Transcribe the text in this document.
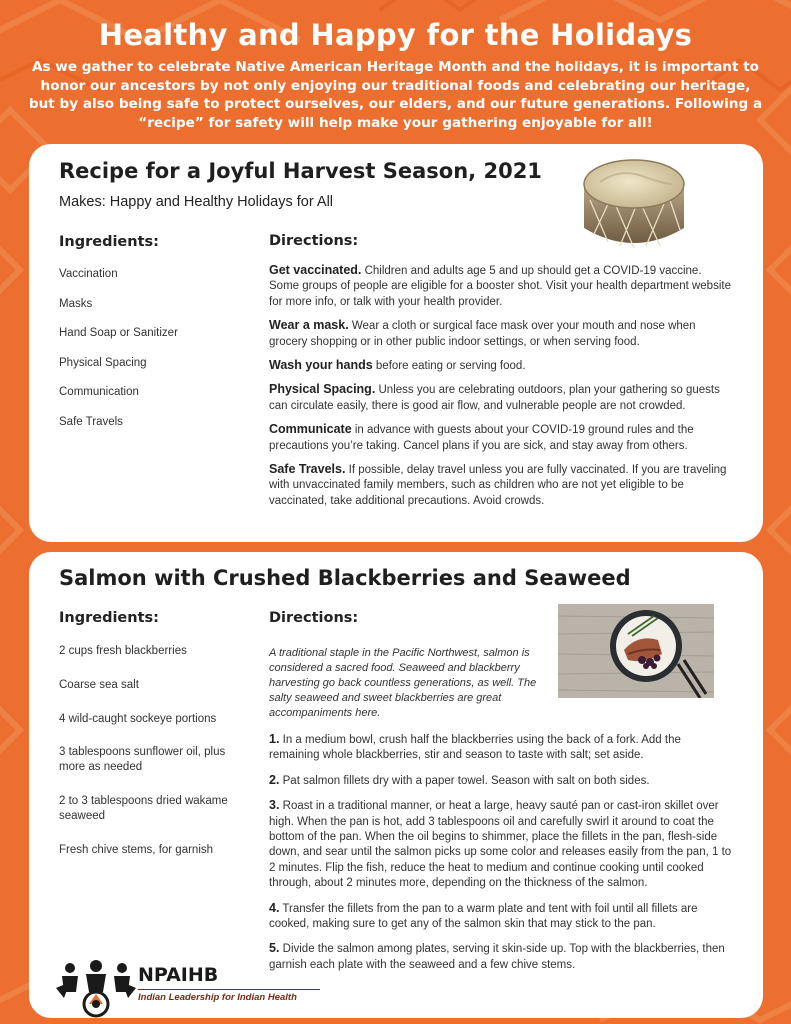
Healthy and Happy for the Holidays

As we gather to celebrate Native American Heritage Month and the holidays, it is important to honor our ancestors by not only enjoying our traditional foods and celebrating our heritage, but by also being safe to protect ourselves, our elders, and our future generations. Following a “recipe” for safety will help make your gathering enjoyable for all!

Recipe for a Joyful Harvest Season, 2021
Makes: Happy and Healthy Holidays for All
Ingredients:	Directions:
Vaccination
Masks
Hand Soap or Sanitizer
Physical Spacing
Communication
Safe Travels

Get vaccinated. Children and adults age 5 and up should get a COVID-19 vaccine. Some groups of people are eligible for a booster shot. Visit your health department website for more info, or talk with your health provider.

Wear a mask. Wear a cloth or surgical face mask over your mouth and nose when grocery shopping or in other public indoor settings, or when serving food.

Wash your hands before eating or serving food.

Physical Spacing. Unless you are celebrating outdoors, plan your gathering so guests can circulate easily, there is good air flow, and vulnerable people are not crowded.

Communicate in advance with guests about your COVID-19 ground rules and the precautions you’re taking. Cancel plans if you are sick, and stay away from others.

Safe Travels. If possible, delay travel unless you are fully vaccinated. If you are traveling with unvaccinated family members, such as children who are not yet eligible to be vaccinated, take additional precautions. Avoid crowds.

Salmon with Crushed Blackberries and Seaweed
Ingredients:	Directions:
2 cups fresh blackberries
Coarse sea salt
4 wild-caught sockeye portions
3 tablespoons sunflower oil, plus more as needed
2 to 3 tablespoons dried wakame seaweed
Fresh chive stems, for garnish

A traditional staple in the Pacific Northwest, salmon is considered a sacred food. Seaweed and blackberry harvesting go back countless generations, as well. The salty seaweed and sweet blackberries are great accompaniments here.

1. In a medium bowl, crush half the blackberries using the back of a fork. Add the remaining whole blackberries, stir and season to taste with salt; set aside.

2. Pat salmon fillets dry with a paper towel. Season with salt on both sides.

3. Roast in a traditional manner, or heat a large, heavy sauté pan or cast-iron skillet over high. When the pan is hot, add 3 tablespoons oil and carefully swirl it around to coat the bottom of the pan. When the oil begins to shimmer, place the fillets in the pan, flesh-side down, and sear until the salmon picks up some color and releases easily from the pan, 1 to 2 minutes. Flip the fish, reduce the heat to medium and continue cooking until cooked through, about 2 minutes more, depending on the thickness of the salmon.

4. Transfer the fillets from the pan to a warm plate and tent with foil until all fillets are cooked, making sure to get any of the salmon skin that may stick to the pan.

5. Divide the salmon among plates, serving it skin-side up. Top with the blackberries, then garnish each plate with the seaweed and a few chive stems.

NPAIHB
Indian Leadership for Indian Health
